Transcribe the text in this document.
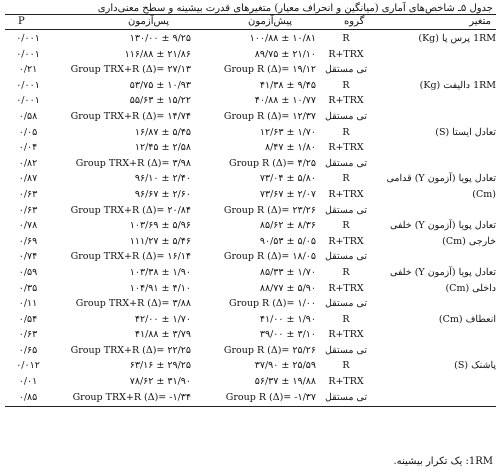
جدول ۵ـ شاخص‌های آماری (میانگین و انحراف معیار) متغیرهای قدرت بیشینه و سطح معنی‌داری
P	پس‌آزمون	پیش‌آزمون	گروه	متغیر
۰/۰۰۱	۱۳۰/۰۰ ± ۹/۲۵	۱۰۰/۸۸ ± ۱۰/۸۱	R	1RM پرس پا (Kg)
۰/۰۰۱	۱۱۶/۸۸ ± ۲۱/۸۶	۸۹/۷۵ ± ۲۱/۱۰	R+TRX	
۰/۲۱	Group TRX+R (Δ)= ۲۷/۱۳	Group R (Δ)= ۱۹/۱۲	تی مستقل	
۰/۰۰۱	۵۳/۷۵ ± ۱۰/۹۳	۴۱/۳۸ ± ۹/۴۵	R	1RM دالیفت (Kg)
۰/۰۰۱	۵۵/۶۳ ± ۱۵/۲۲	۴۰/۸۸ ± ۱۰/۷۷	R+TRX	
۰/۵۸	Group TRX+R (Δ)= ۱۴/۷۴	Group R (Δ)= ۱۲/۳۷	تی مستقل	
۰/۰۵	۱۶/۸۷ ± ۵/۴۵	۱۲/۶۳ ± ۱/۷۰	R	تعادل ایستا (S)
۰/۰۴	۱۲/۴۵ ± ۲/۵۸	۸/۴۷ ± ۱/۸۰	R+TRX	
۰/۸۲	Group TRX+R (Δ)= ۳/۹۸	Group R (Δ)= ۴/۲۵	تی مستقل	
۰/۸۷	۹۶/۱۰ ± ۲/۴۰	۷۳/۰۴ ± ۵/۸۰	R	تعادل پویا (آزمون Y) قدامی
۰/۶۳	۹۶/۶۷ ± ۲/۶۰	۷۳/۶۷ ± ۲/۰۷	R+TRX	(Cm)
۰/۶۳	Group TRX+R (Δ)= ۲۰/۸۴	Group R (Δ)= ۲۳/۲۶	تی مستقل	
۰/۷۸	۱۰۳/۶۹ ± ۵/۹۶	۸۵/۶۲ ± ۸/۳۶	R	تعادل پویا (آزمون Y) خلفی
۰/۶۹	۱۱۱/۲۷ ± ۵/۴۶	۹۰/۵۳ ± ۵/۰۵	R+TRX	خارجی (Cm)
۰/۷۴	Group TRX+R (Δ)= ۱۶/۱۴	Group R (Δ)= ۱۸/۰۵	تی مستقل	
۰/۵۹	۱۰۳/۳۸ ± ۱/۹۰	۸۵/۳۳ ± ۱/۷۰	R	تعادل پویا (آزمون Y) خلفی
۰/۳۵	۱۰۴/۹۱ ± ۴/۱۰	۸۸/۷۷ ± ۵/۹۰	R+TRX	داخلی (Cm)
۰/۱۱	Group TRX+R (Δ)= ۳/۸۸	Group R (Δ)= ۱/۰۰	تی مستقل	
۰/۵۴	۴۲/۰۰ ± ۱/۷۰	۴۱/۰۰ ± ۱/۹۰	R	انعطاف (Cm)
۰/۶۳	۴۱/۸۸ ± ۳/۷۹	۳۹/۰۰ ± ۳/۱۰	R+TRX	
۰/۶۵	Group TRX+R (Δ)= ۲۲/۲۵	Group R (Δ)= ۲۵/۲۶	تی مستقل	
۰/۰۱۲	۶۳/۱۶ ± ۲۹/۲۵	۳۷/۹۰ ± ۲۵/۵۹	R	پاشنک (S)
۰/۰۱	۷۸/۶۲ ± ۳۱/۹۰	۵۶/۳۷ ± ۱۹/۸۸	R+TRX	
۰/۸۵	Group TRX+R (Δ)= -۱/۳۴	Group R (Δ)= -۱/۳۷	تی مستقل	
1RM: یک تکرار بیشینه.
